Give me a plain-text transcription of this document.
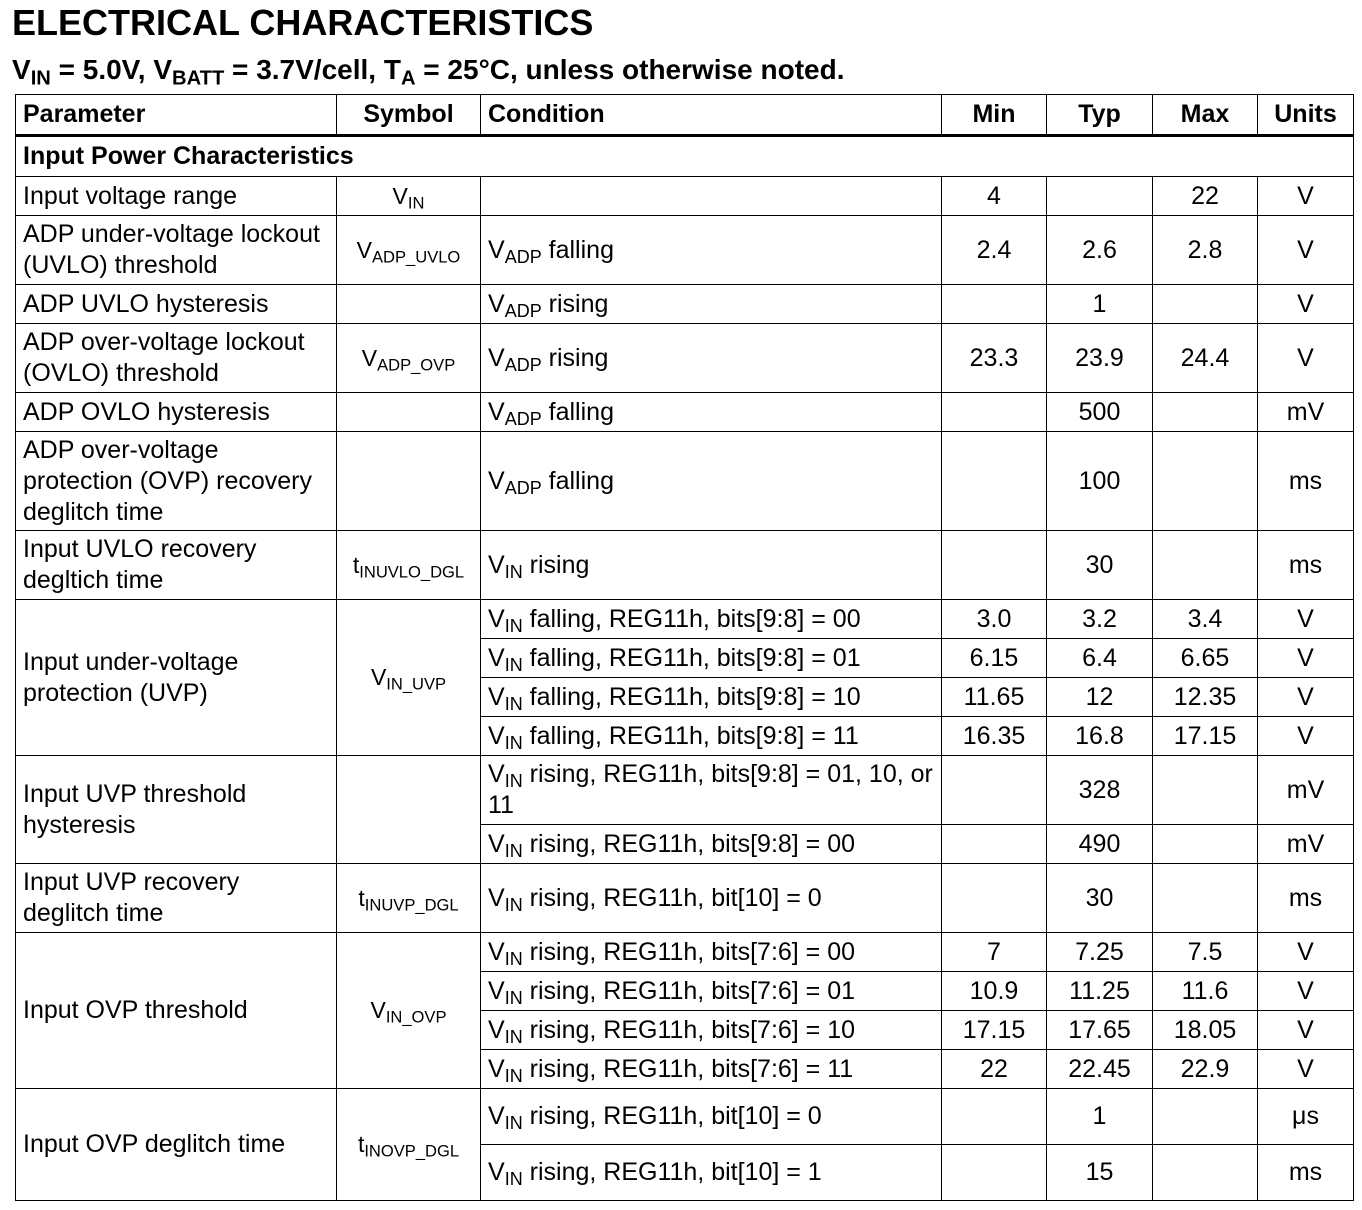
ELECTRICAL CHARACTERISTICS
$V_{IN} = 5.0V$, $V_{BATT}$ = 3.7V/cell, $T_A = 25^\circ C$, unless otherwise noted.
Parameter	Symbol	Condition	Min	Typ	Max	Units
Input Power Characteristics						
Input voltage range	$V_{IN}$		4		22	V
ADP under-voltage lockout (UVLO) threshold	$V_{ADP\_UVLO}$	$V_{ADP}$ falling	2.4	2.6	2.8	V
ADP UVLO hysteresis		$V_{ADP}$ rising		1		V
ADP over-voltage lockout (OVLO) threshold	$V_{ADP\_OVP}$	$V_{ADP}$ rising	23.3	23.9	24.4	V
ADP OVLO hysteresis		$V_{ADP}$ falling		500		mV
ADP over-voltage protection (OVP) recovery deglitch time		$V_{ADP}$ falling		100		ms
Input UVLO recovery degltich time	$t_{INUVLO\_DGL}$	$V_{IN}$ rising		30		ms
Input under-voltage protection (UVP)	$V_{IN\_UVP}$	$V_{IN}$ falling, REG11h, bits[9:8] = 00	3.0	3.2	3.4	V
		$V_{IN}$ falling, REG11h, bits[9:8] = 01	6.15	6.4	6.65	V
		$V_{IN}$ falling, REG11h, bits[9:8] = 10	11.65	12	12.35	V
		$V_{IN}$ falling, REG11h, bits[9:8] = 11	16.35	16.8	17.15	V
Input UVP threshold hysteresis		$V_{IN}$ rising, REG11h, bits[9:8] = 01, 10, or 11		328		mV
		$V_{IN}$ rising, REG11h, bits[9:8] = 00		490		mV
Input UVP recovery deglitch time	$t_{INUVP\_DGL}$	$V_{IN}$ rising, REG11h, bit[10] = 0		30		ms
Input OVP threshold	$V_{IN\_OVP}$	$V_{IN}$ rising, REG11h, bits[7:6] = 00	7	7.25	7.5	V
		$V_{IN}$ rising, REG11h, bits[7:6] = 01	10.9	11.25	11.6	V
		$V_{IN}$ rising, REG11h, bits[7:6] = 10	17.15	17.65	18.05	V
		$V_{IN}$ rising, REG11h, bits[7:6] = 11	22	22.45	22.9	V
Input OVP deglitch time	$t_{INOVP\_DGL}$	$V_{IN}$ rising, REG11h, bit[10] = 0		1		μs
		$V_{IN}$ rising, REG11h, bit[10] = 1		15		ms
